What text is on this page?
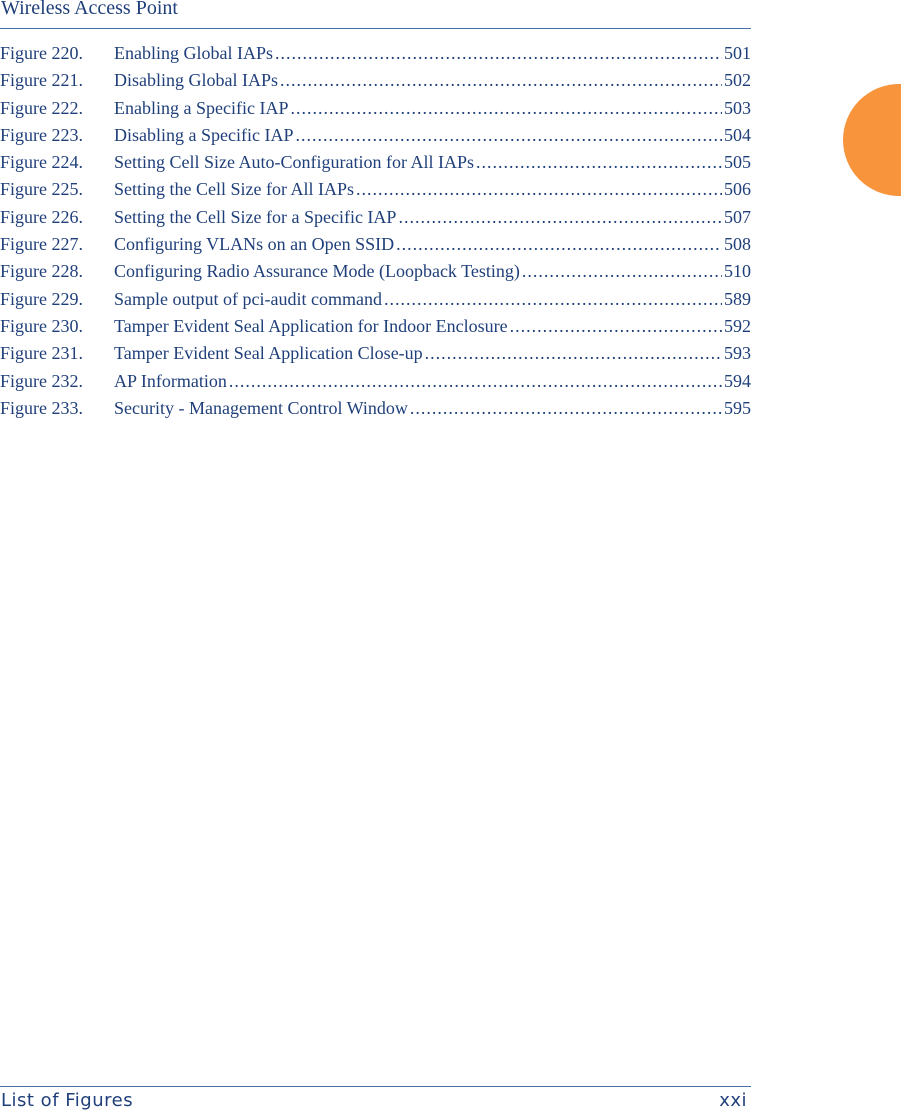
Wireless Access Point
Figure 220.	Enabling Global IAPs .....	501
Figure 221.	Disabling Global IAPs .....	502
Figure 222.	Enabling a Specific IAP .....	503
Figure 223.	Disabling a Specific IAP .....	504
Figure 224.	Setting Cell Size Auto-Configuration for All IAPs .....	505
Figure 225.	Setting the Cell Size for All IAPs .....	506
Figure 226.	Setting the Cell Size for a Specific IAP .....	507
Figure 227.	Configuring VLANs on an Open SSID .....	508
Figure 228.	Configuring Radio Assurance Mode (Loopback Testing) .....	510
Figure 229.	Sample output of pci-audit command .....	589
Figure 230.	Tamper Evident Seal Application for Indoor Enclosure .....	592
Figure 231.	Tamper Evident Seal Application Close-up .....	593
Figure 232.	AP Information .....	594
Figure 233.	Security - Management Control Window .....	595
List of Figures	xxi
